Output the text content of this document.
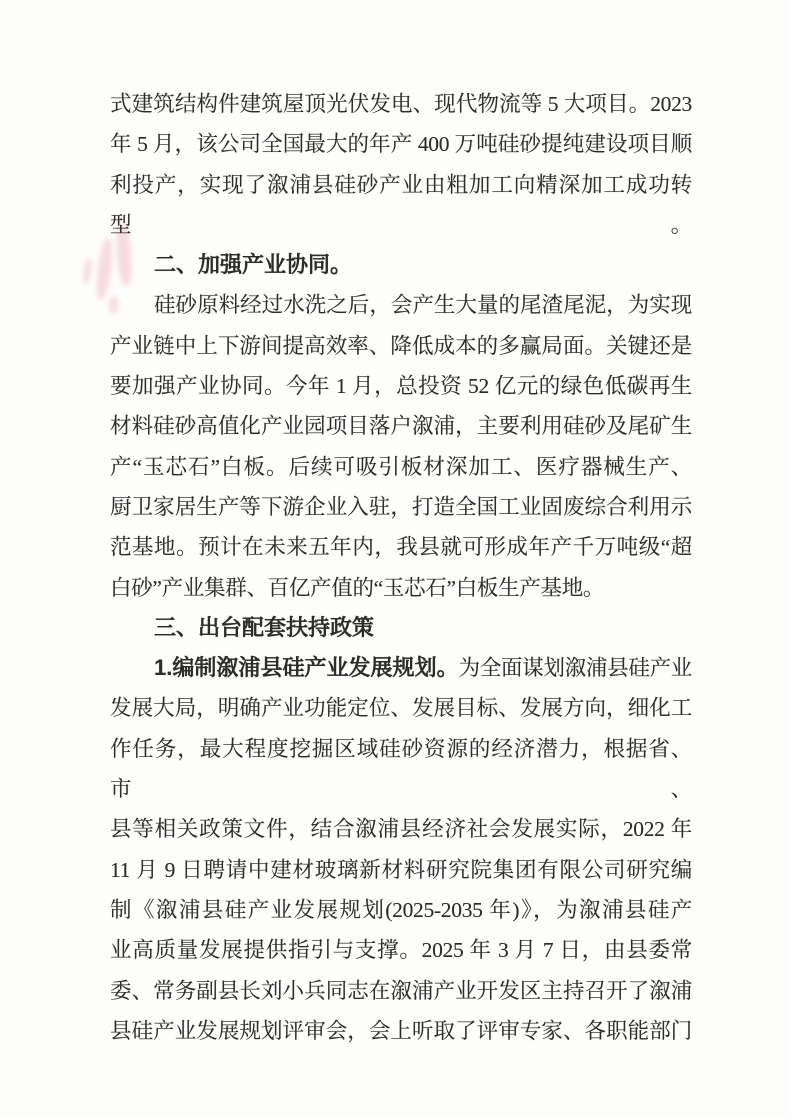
式建筑结构件建筑屋顶光伏发电、现代物流等 5 大项目。2023
年 5 月，该公司全国最大的年产 400 万吨硅砂提纯建设项目顺
利投产，实现了溆浦县硅砂产业由粗加工向精深加工成功转型。
二、加强产业协同。
硅砂原料经过水洗之后，会产生大量的尾渣尾泥，为实现
产业链中上下游间提高效率、降低成本的多赢局面。关键还是
要加强产业协同。今年 1 月，总投资 52 亿元的绿色低碳再生
材料硅砂高值化产业园项目落户溆浦，主要利用硅砂及尾矿生
产“玉芯石”白板。后续可吸引板材深加工、医疗器械生产、
厨卫家居生产等下游企业入驻，打造全国工业固废综合利用示
范基地。预计在未来五年内，我县就可形成年产千万吨级“超
白砂”产业集群、百亿产值的“玉芯石”白板生产基地。
三、出台配套扶持政策
1.编制溆浦县硅产业发展规划。为全面谋划溆浦县硅产业
发展大局，明确产业功能定位、发展目标、发展方向，细化工
作任务，最大程度挖掘区域硅砂资源的经济潜力，根据省、市、
县等相关政策文件，结合溆浦县经济社会发展实际，2022 年
11 月 9 日聘请中建材玻璃新材料研究院集团有限公司研究编
制《溆浦县硅产业发展规划(2025-2035 年)》，为溆浦县硅产
业高质量发展提供指引与支撑。2025 年 3 月 7 日，由县委常
委、常务副县长刘小兵同志在溆浦产业开发区主持召开了溆浦
县硅产业发展规划评审会，会上听取了评审专家、各职能部门
